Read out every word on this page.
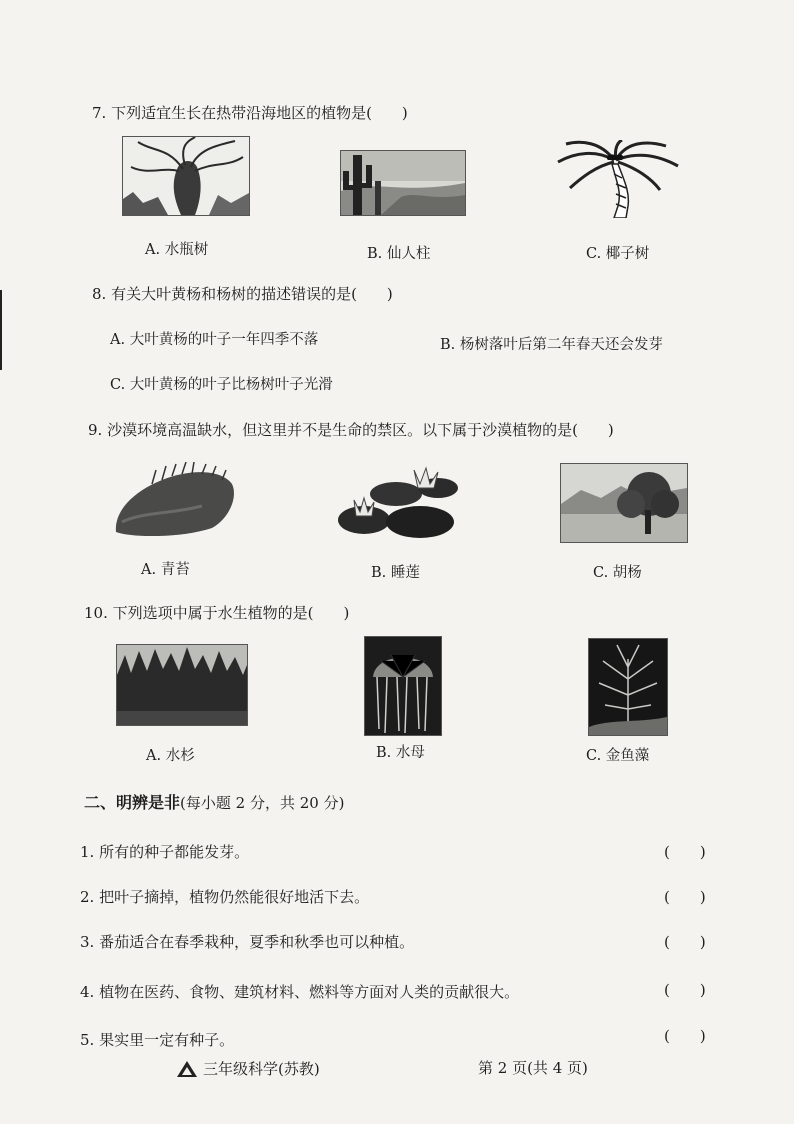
7. 下列适宜生长在热带沿海地区的植物是(　　)
A. 水瓶树	B. 仙人柱	C. 椰子树
8. 有关大叶黄杨和杨树的描述错误的是(　　)
A. 大叶黄杨的叶子一年四季不落	B. 杨树落叶后第二年春天还会发芽
C. 大叶黄杨的叶子比杨树叶子光滑
9. 沙漠环境高温缺水，但这里并不是生命的禁区。以下属于沙漠植物的是(　　)
A. 青苔	B. 睡莲	C. 胡杨
10. 下列选项中属于水生植物的是(　　)
A. 水杉	B. 水母	C. 金鱼藻
二、明辨是非(每小题 2 分，共 20 分)
1. 所有的种子都能发芽。	(　　)
2. 把叶子摘掉，植物仍然能很好地活下去。	(　　)
3. 番茄适合在春季栽种，夏季和秋季也可以种植。	(　　)
4. 植物在医药、食物、建筑材料、燃料等方面对人类的贡献很大。	(　　)
5. 果实里一定有种子。	(　　)
三年级科学(苏教)	第 2 页(共 4 页)
